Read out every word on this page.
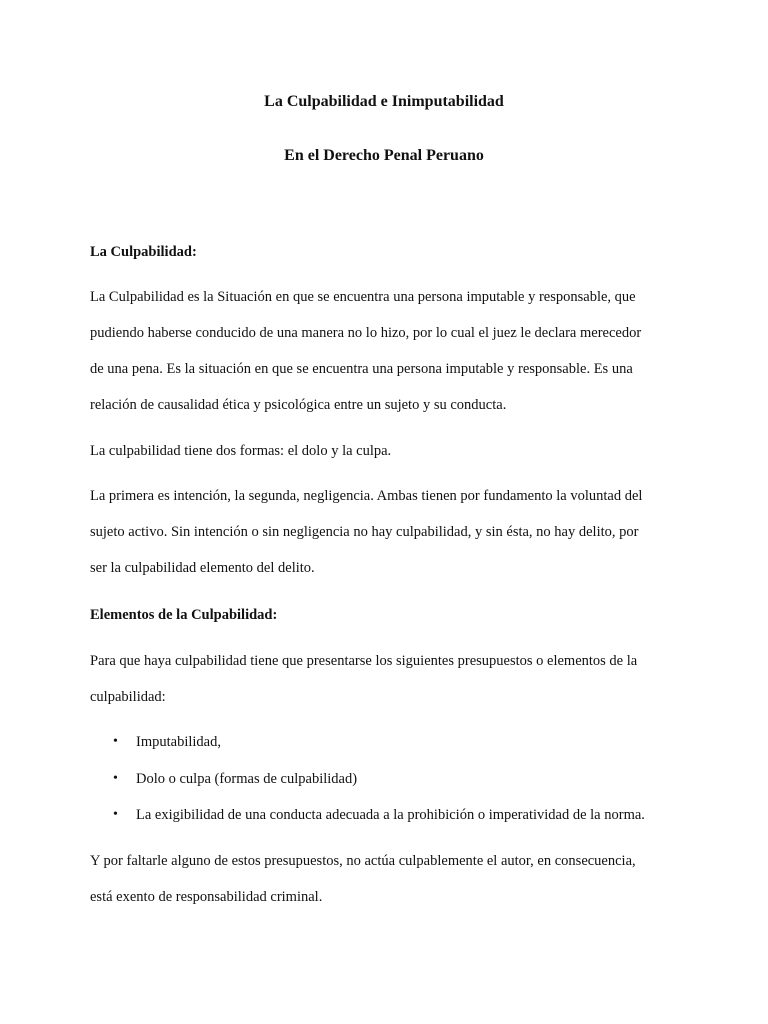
La Culpabilidad e Inimputabilidad
En el Derecho Penal Peruano

La Culpabilidad:

La Culpabilidad es la Situación en que se encuentra una persona imputable y responsable, que

pudiendo haberse conducido de una manera no lo hizo, por lo cual el juez le declara merecedor

de una pena. Es la situación en que se encuentra una persona imputable y responsable. Es una

relación de causalidad ética y psicológica entre un sujeto y su conducta.

La culpabilidad tiene dos formas: el dolo y la culpa.

La primera es intención, la segunda, negligencia. Ambas tienen por fundamento la voluntad del

sujeto activo. Sin intención o sin negligencia no hay culpabilidad, y sin ésta, no hay delito, por

ser la culpabilidad elemento del delito.

Elementos de la Culpabilidad:

Para que haya culpabilidad tiene que presentarse los siguientes presupuestos o elementos de la

culpabilidad:

• Imputabilidad,
• Dolo o culpa (formas de culpabilidad)
• La exigibilidad de una conducta adecuada a la prohibición o imperatividad de la norma.

Y por faltarle alguno de estos presupuestos, no actúa culpablemente el autor, en consecuencia,

está exento de responsabilidad criminal.
